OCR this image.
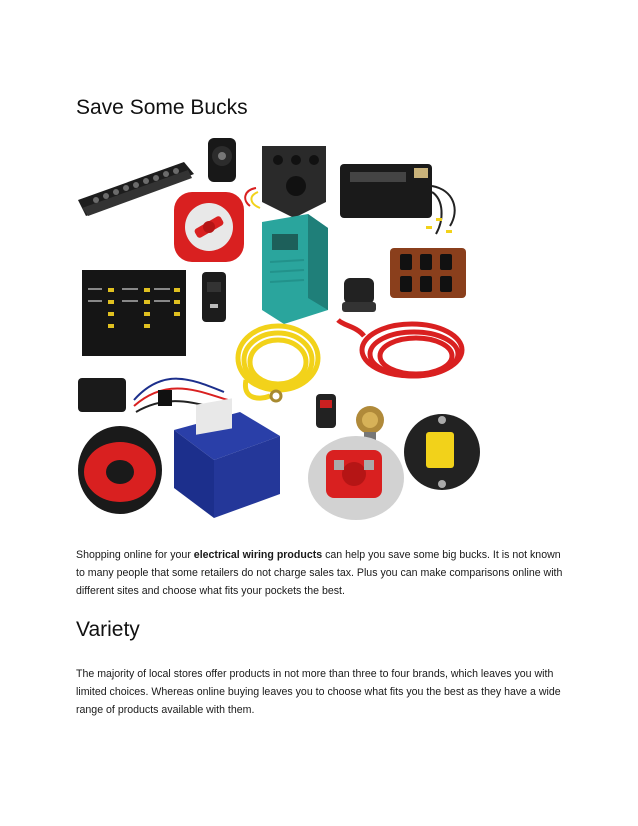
Save Some Bucks

Shopping online for your electrical wiring products can help you save some big bucks. It is not known to many people that some retailers do not charge sales tax. Plus you can make comparisons online with different sites and choose what fits your pockets the best.

Variety

The majority of local stores offer products in not more than three to four brands, which leaves you with limited choices. Whereas online buying leaves you to choose what fits you the best as they have a wide range of products available with them.
